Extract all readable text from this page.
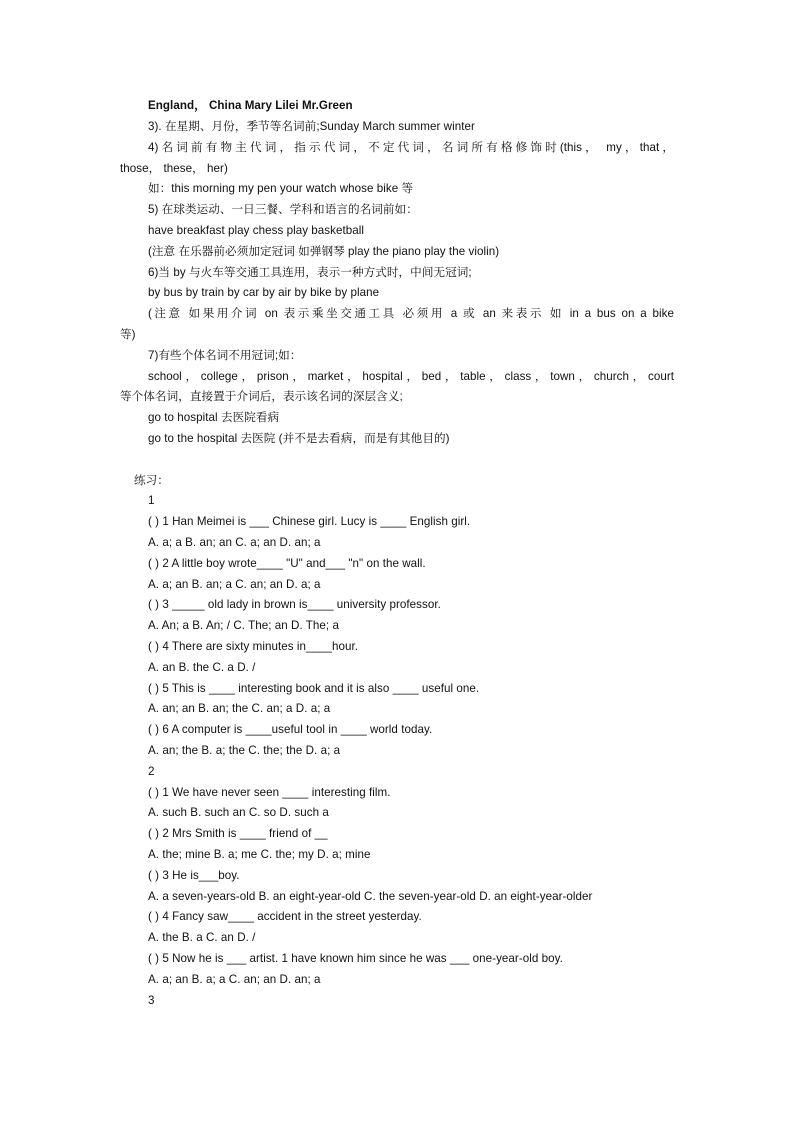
England， China Mary Lilei Mr.Green
3). 在星期、月份，季节等名词前;Sunday March summer winter
4)名词前有物主代词，指示代词，不定代词，名词所有格修饰时(this， my，that，
those， these， her)
如：this morning my pen your watch whose bike 等
5) 在球类运动、一日三餐、学科和语言的名词前如：
have breakfast play chess play basketball
(注意 在乐器前必须加定冠词 如弹钢琴 play the piano play the violin)
6)当 by 与火车等交通工具连用，表示一种方式时，中间无冠词;
by bus by train by car by air by bike by plane
(注意 如果用介词 on 表示乘坐交通工具 必须用 a 或 an 来表示 如 in a bus on a bike
等)
7)有些个体名词不用冠词;如：
school，college，prison，market，hospital，bed，table，class，town，church，court
等个体名词，直接置于介词后，表示该名词的深层含义;
go to hospital 去医院看病
go to the hospital 去医院 (并不是去看病，而是有其他目的)
练习：
1
( ) 1 Han Meimei is ___ Chinese girl. Lucy is ____ English girl.
A. a; a B. an; an C. a; an D. an; a
( ) 2 A little boy wrote____ "U" and___ "n" on the wall.
A. a; an B. an; a C. an; an D. a; a
( ) 3 _____ old lady in brown is____ university professor.
A. An; a B. An; / C. The; an D. The; a
( ) 4 There are sixty minutes in____hour.
A. an B. the C. a D. /
( ) 5 This is ____ interesting book and it is also ____ useful one.
A. an; an B. an; the C. an; a D. a; a
( ) 6 A computer is ____useful tool in ____ world today.
A. an; the B. a; the C. the; the D. a; a
2
( ) 1 We have never seen ____ interesting film.
A. such B. such an C. so D. such a
( ) 2 Mrs Smith is ____ friend of __
A. the; mine B. a; me C. the; my D. a; mine
( ) 3 He is___boy.
A. a seven-years-old B. an eight-year-old C. the seven-year-old D. an eight-year-older
( ) 4 Fancy saw____ accident in the street yesterday.
A. the B. a C. an D. /
( ) 5 Now he is ___ artist. 1 have known him since he was ___ one-year-old boy.
A. a; an B. a; a C. an; an D. an; a
3
